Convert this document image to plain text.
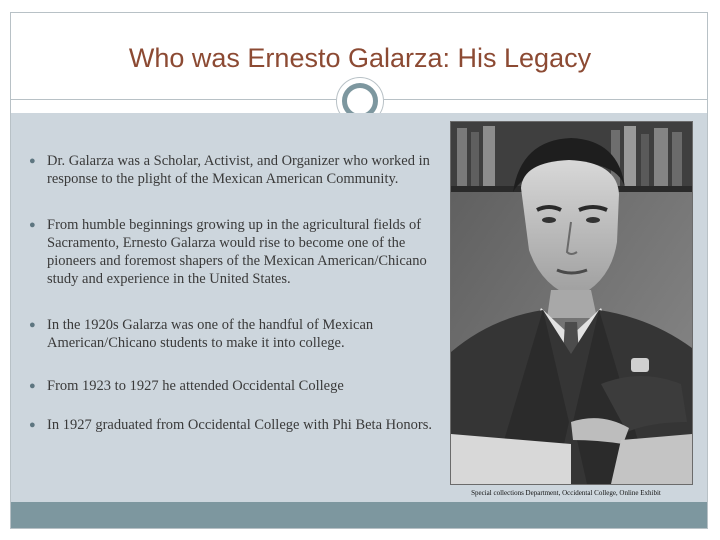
Who was Ernesto Galarza: His Legacy
● Dr. Galarza was a Scholar, Activist, and Organizer who worked in response to the plight of the Mexican American Community.
● From humble beginnings growing up in the agricultural fields of Sacramento, Ernesto Galarza would rise to become one of the pioneers and foremost shapers of the Mexican American/Chicano study and experience in the United States.
● In the 1920s Galarza was one of the handful of Mexican American/Chicano students to make it into college.
● From 1923 to 1927 he attended Occidental College
● In 1927 graduated from Occidental College with Phi Beta Honors.
Special collections Department, Occidental College, Online Exhibit
